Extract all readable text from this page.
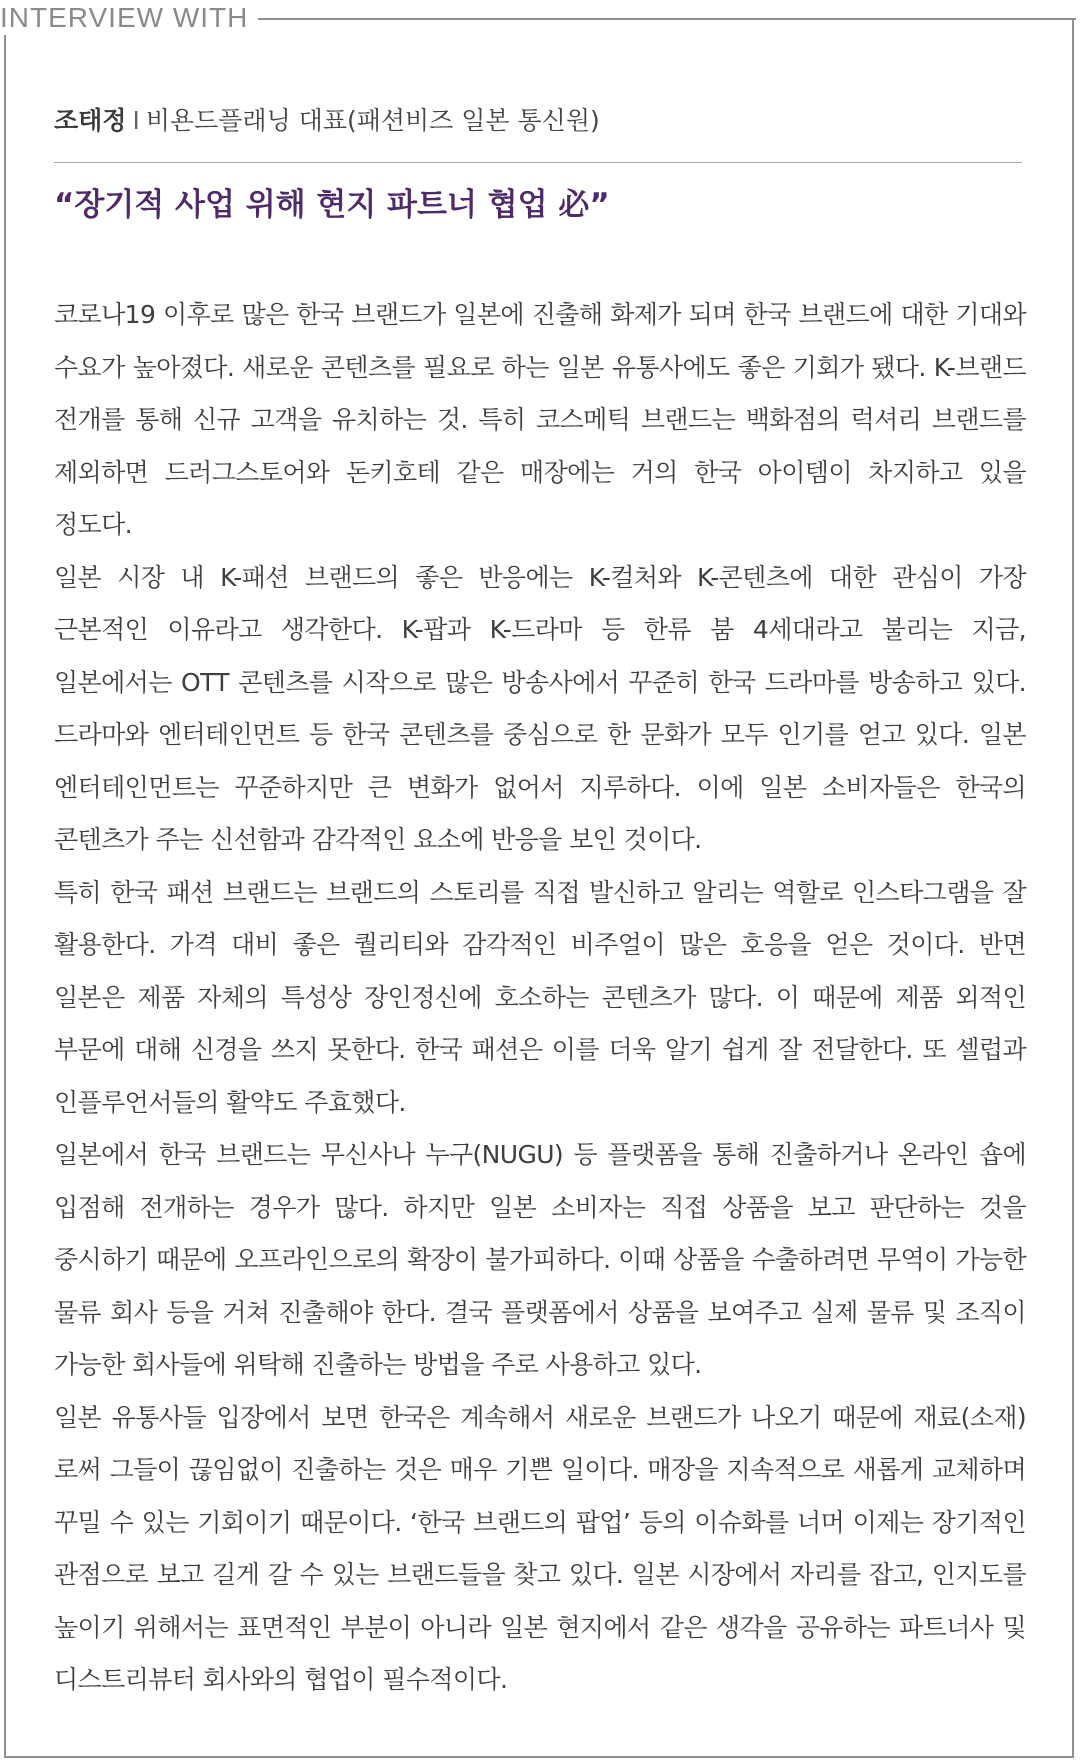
INTERVIEW WITH
조태정 I 비욘드플래닝 대표(패션비즈 일본 통신원)
“장기적 사업 위해 현지 파트너 협업 必”

코로나19 이후로 많은 한국 브랜드가 일본에 진출해 화제가 되며 한국 브랜드에 대한 기대와 수요가 높아졌다. 새로운 콘텐츠를 필요로 하는 일본 유통사에도 좋은 기회가 됐다. K-브랜드 전개를 통해 신규 고객을 유치하는 것. 특히 코스메틱 브랜드는 백화점의 럭셔리 브랜드를 제외하면 드러그스토어와 돈키호테 같은 매장에는 거의 한국 아이템이 차지하고 있을 정도다.

일본 시장 내 K-패션 브랜드의 좋은 반응에는 K-컬처와 K-콘텐츠에 대한 관심이 가장 근본적인 이유라고 생각한다. K-팝과 K-드라마 등 한류 붐 4세대라고 불리는 지금, 일본에서는 OTT 콘텐츠를 시작으로 많은 방송사에서 꾸준히 한국 드라마를 방송하고 있다. 드라마와 엔터테인먼트 등 한국 콘텐츠를 중심으로 한 문화가 모두 인기를 얻고 있다. 일본 엔터테인먼트는 꾸준하지만 큰 변화가 없어서 지루하다. 이에 일본 소비자들은 한국의 콘텐츠가 주는 신선함과 감각적인 요소에 반응을 보인 것이다.

특히 한국 패션 브랜드는 브랜드의 스토리를 직접 발신하고 알리는 역할로 인스타그램을 잘 활용한다. 가격 대비 좋은 퀄리티와 감각적인 비주얼이 많은 호응을 얻은 것이다. 반면 일본은 제품 자체의 특성상 장인정신에 호소하는 콘텐츠가 많다. 이 때문에 제품 외적인 부문에 대해 신경을 쓰지 못한다. 한국 패션은 이를 더욱 알기 쉽게 잘 전달한다. 또 셀럽과 인플루언서들의 활약도 주효했다.

일본에서 한국 브랜드는 무신사나 누구(NUGU) 등 플랫폼을 통해 진출하거나 온라인 숍에 입점해 전개하는 경우가 많다. 하지만 일본 소비자는 직접 상품을 보고 판단하는 것을 중시하기 때문에 오프라인으로의 확장이 불가피하다. 이때 상품을 수출하려면 무역이 가능한 물류 회사 등을 거쳐 진출해야 한다. 결국 플랫폼에서 상품을 보여주고 실제 물류 및 조직이 가능한 회사들에 위탁해 진출하는 방법을 주로 사용하고 있다.

일본 유통사들 입장에서 보면 한국은 계속해서 새로운 브랜드가 나오기 때문에 재료(소재)로써 그들이 끊임없이 진출하는 것은 매우 기쁜 일이다. 매장을 지속적으로 새롭게 교체하며 꾸밀 수 있는 기회이기 때문이다. ‘한국 브랜드의 팝업’ 등의 이슈화를 너머 이제는 장기적인 관점으로 보고 길게 갈 수 있는 브랜드들을 찾고 있다. 일본 시장에서 자리를 잡고, 인지도를 높이기 위해서는 표면적인 부분이 아니라 일본 현지에서 같은 생각을 공유하는 파트너사 및 디스트리뷰터 회사와의 협업이 필수적이다.
